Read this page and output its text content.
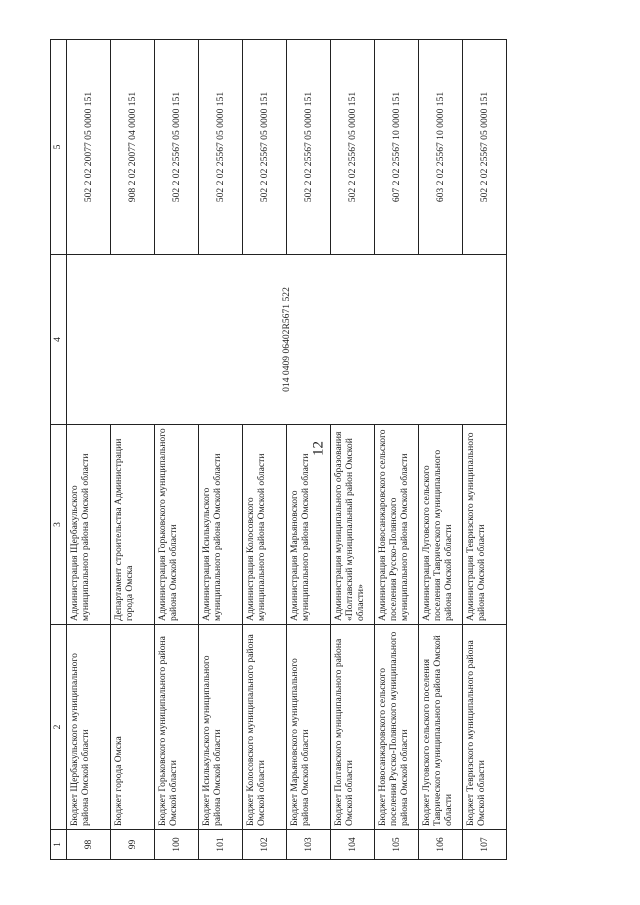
12
1	2	3	4	5
98	Бюджет Щербакульского муниципального района Омской области	Администрация Щербакульского муниципального района Омской области	014 0409 06402R5671 522	502 2 02 20077 05 0000 151
99	Бюджет города Омска	Департамент строительства Администрации города Омска		908 2 02 20077 04 0000 151
100	Бюджет Горьковского муниципального района Омской области	Администрация Горьковского муниципального района Омской области		502 2 02 25567 05 0000 151
101	Бюджет Исилькульского муниципального района Омской области	Администрация Исилькульского муниципального района Омской области		502 2 02 25567 05 0000 151
102	Бюджет Колосовского муниципального района Омской области	Администрация Колосовского муниципального района Омской области		502 2 02 25567 05 0000 151
103	Бюджет Марьяновского муниципального района Омской области	Администрация Марьяновского муниципального района Омской области		502 2 02 25567 05 0000 151
104	Бюджет Полтавского муниципального района Омской области	Администрация муниципального образования «Полтавский муниципальный район Омской области»		502 2 02 25567 05 0000 151
105	Бюджет Новосанжаровского сельского поселения Русско-Полянского муниципального района Омской области	Администрация Новосанжаровского сельского поселения Русско-Полянского муниципального района Омской области		607 2 02 25567 10 0000 151
106	Бюджет Луговского сельского поселения Таврического муниципального района Омской области	Администрация Луговского сельского поселения Таврического муниципального района Омской области		603 2 02 25567 10 0000 151
107	Бюджет Тевризского муниципального района Омской области	Администрация Тевризского муниципального района Омской области		502 2 02 25567 05 0000 151
